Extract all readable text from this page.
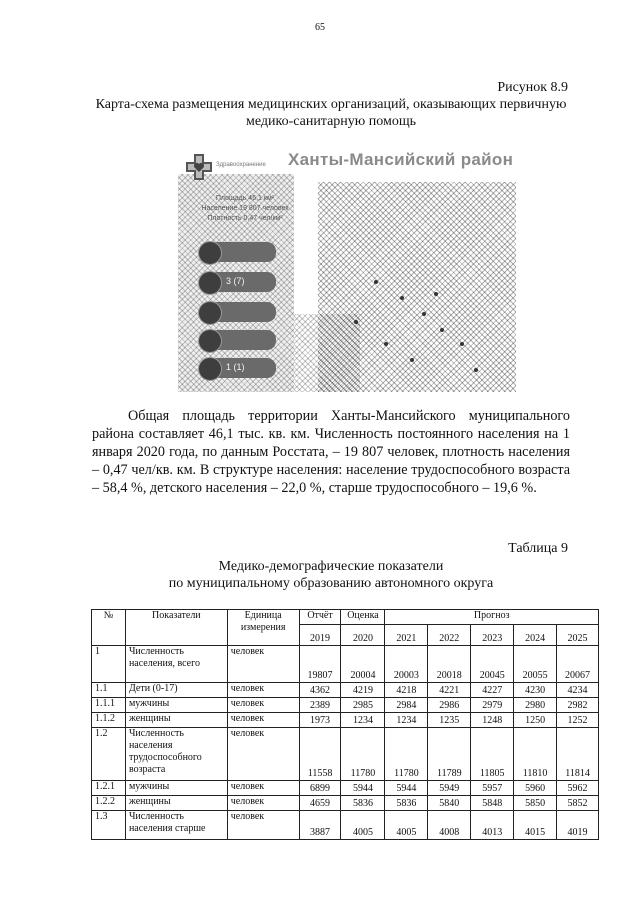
65
Рисунок 8.9
Карта-схема размещения медицинских организаций, оказывающих первичную медико-санитарную помощь
Здравоохранение Ханты-Мансийский район
Площадь 46,1 км²
Население 19 807 человек
Плотность 0,47 чел/км²
3 (7)
1 (1)

Общая площадь территории Ханты-Мансийского муниципального района составляет 46,1 тыс. кв. км. Численность постоянного населения на 1 января 2020 года, по данным Росстата, – 19 807 человек, плотность населения – 0,47 чел/кв. км. В структуре населения: население трудоспособного возраста – 58,4 %, детского населения – 22,0 %, старше трудоспособного – 19,6 %.

Таблица 9
Медико-демографические показатели
по муниципальному образованию автономного округа
№	Показатели	Единица измерения	Отчёт	Оценка	Прогноз				
			2019	2020	2021	2022	2023	2024	2025
1	Численность населения, всего	человек	19807	20004	20003	20018	20045	20055	20067
1.1	Дети (0-17)	человек	4362	4219	4218	4221	4227	4230	4234
1.1.1	мужчины	человек	2389	2985	2984	2986	2979	2980	2982
1.1.2	женщины	человек	1973	1234	1234	1235	1248	1250	1252
1.2	Численность населения трудоспособного возраста	человек	11558	11780	11780	11789	11805	11810	11814
1.2.1	мужчины	человек	6899	5944	5944	5949	5957	5960	5962
1.2.2	женщины	человек	4659	5836	5836	5840	5848	5850	5852
1.3	Численность населения старше	человек	3887	4005	4005	4008	4013	4015	4019
